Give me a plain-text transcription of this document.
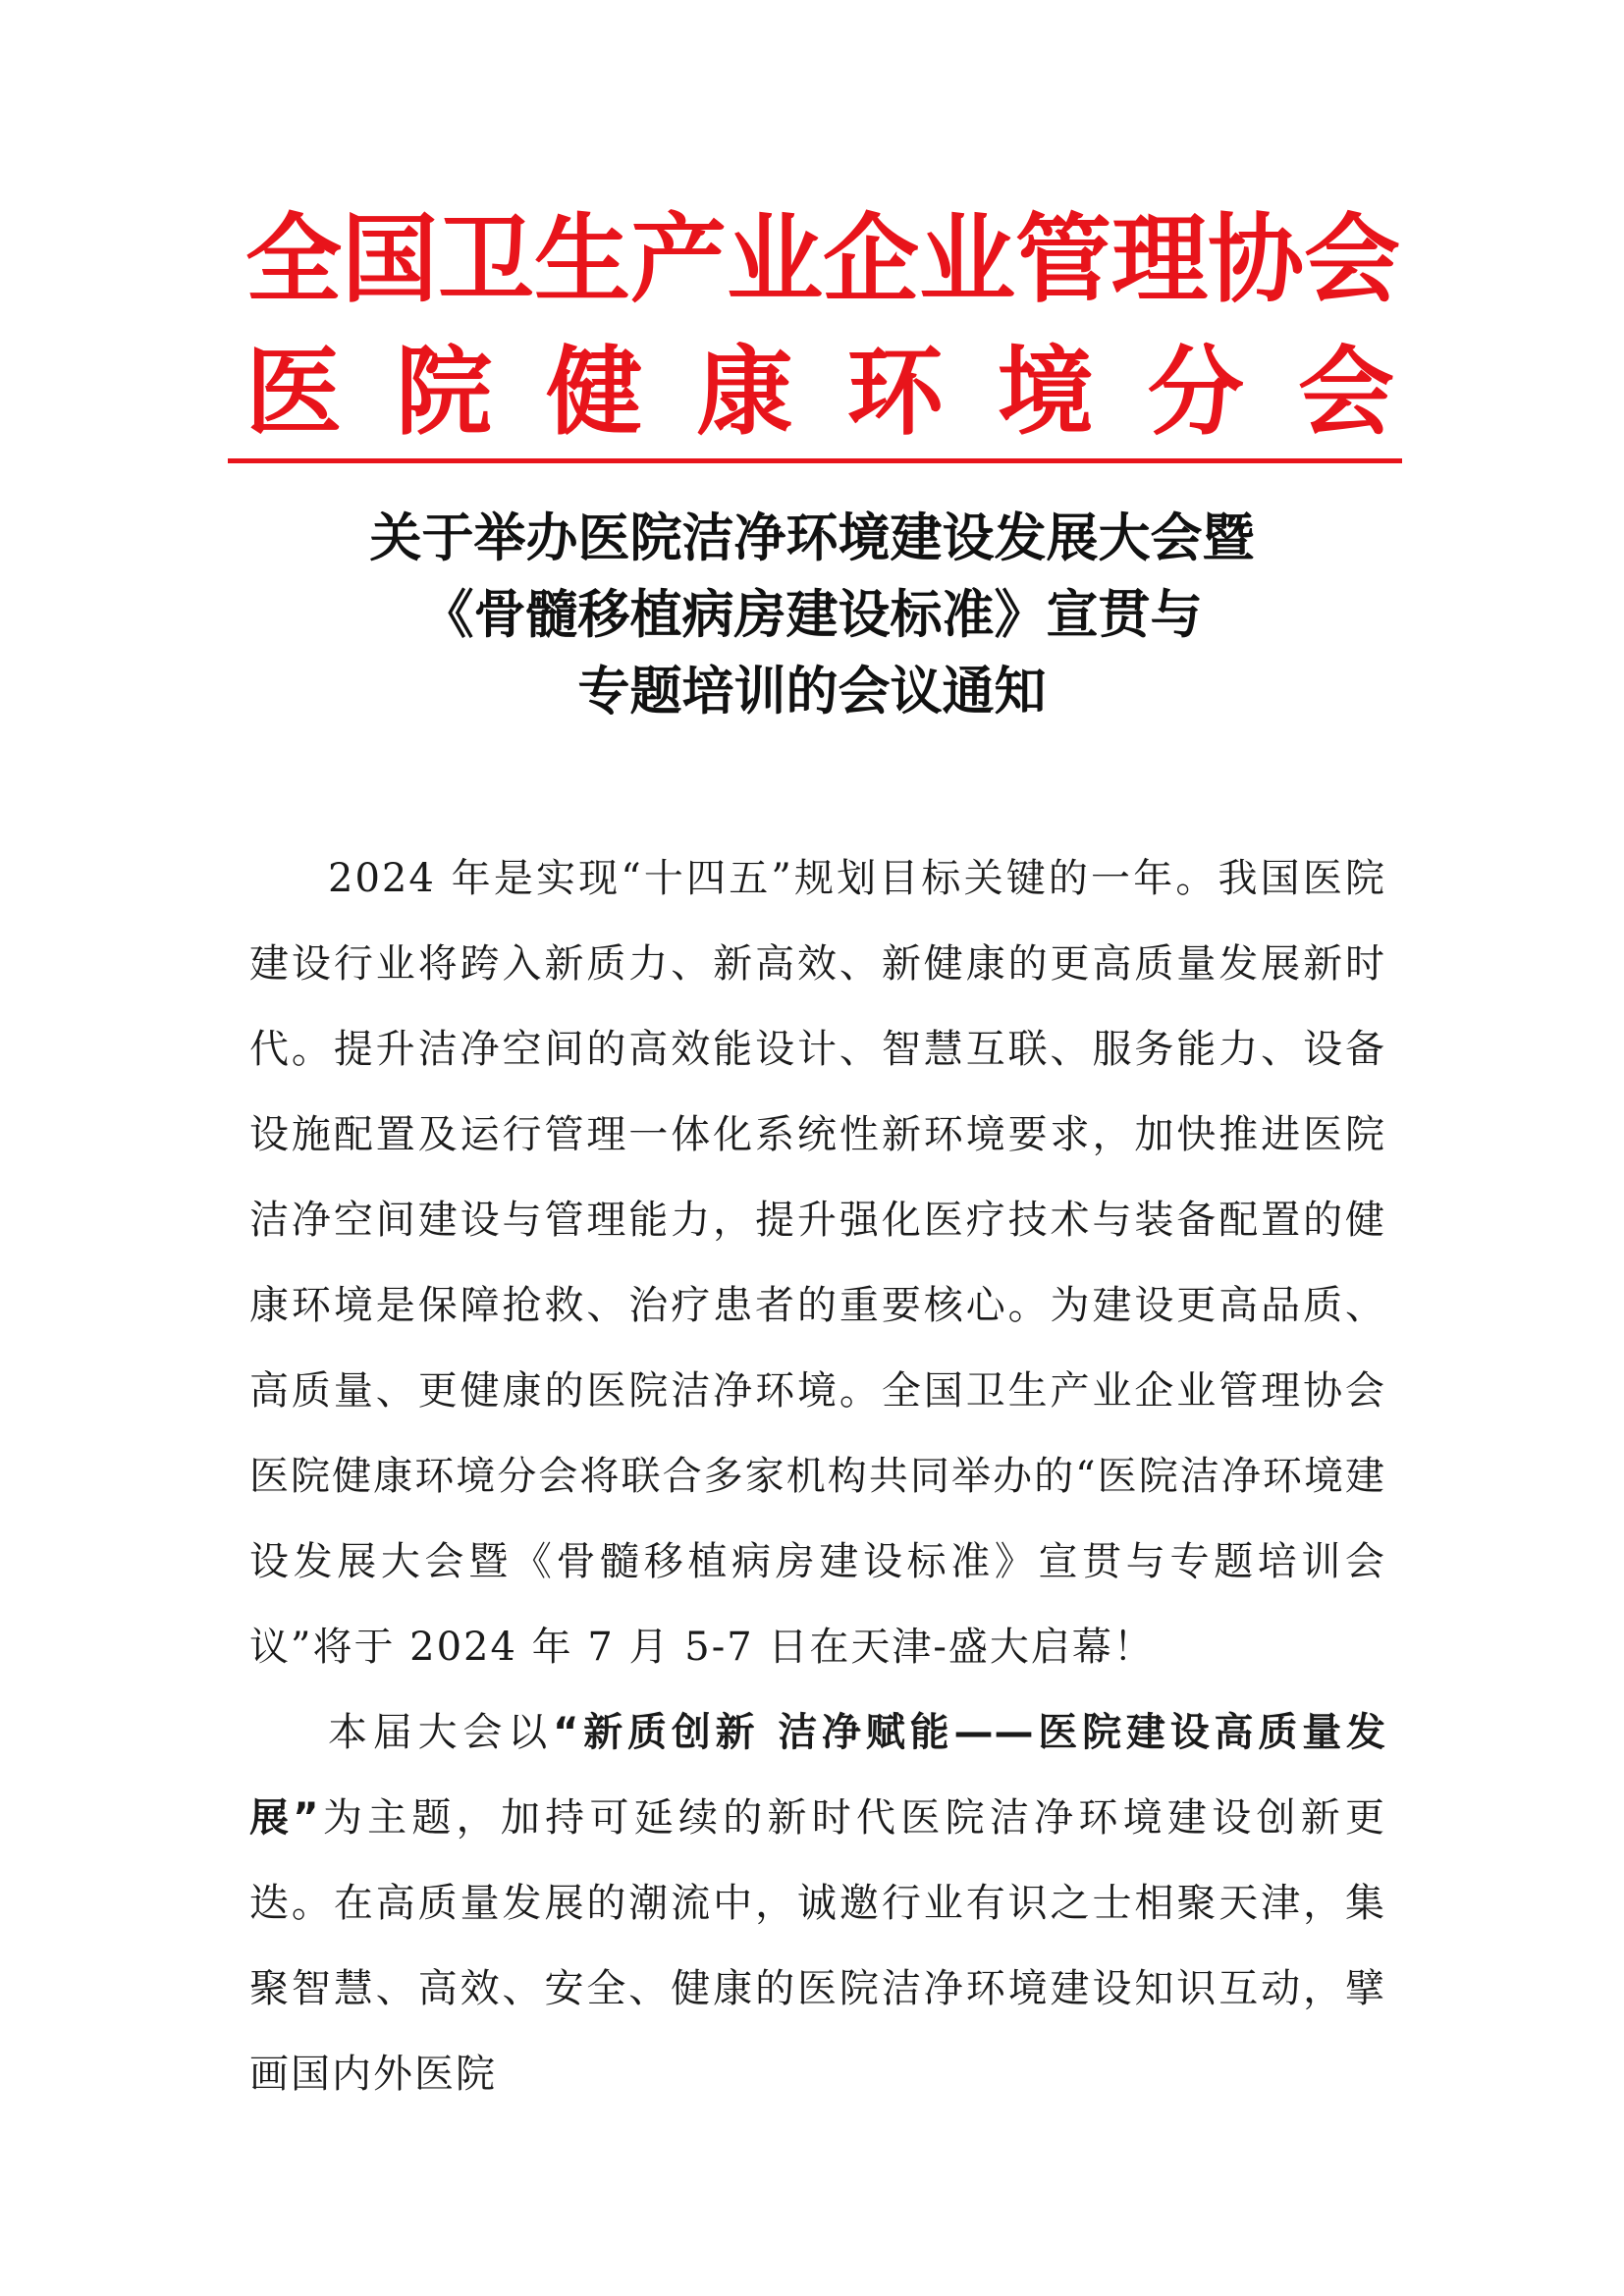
全国卫生产业企业管理协会
医 院 健 康 环 境 分 会
关于举办医院洁净环境建设发展大会暨
《骨髓移植病房建设标准》宣贯与
专题培训的会议通知

2024 年是实现“十四五”规划目标关键的一年。我国医院建设行业将跨入新质力、新高效、新健康的更高质量发展新时代。提升洁净空间的高效能设计、智慧互联、服务能力、设备设施配置及运行管理一体化系统性新环境要求，加快推进医院洁净空间建设与管理能力，提升强化医疗技术与装备配置的健康环境是保障抢救、治疗患者的重要核心。为建设更高品质、高质量、更健康的医院洁净环境。全国卫生产业企业管理协会医院健康环境分会将联合多家机构共同举办的“医院洁净环境建设发展大会暨《骨髓移植病房建设标准》宣贯与专题培训会议”将于 2024 年 7 月 5-7 日在天津-盛大启幕！

本届大会以“新质创新 洁净赋能——医院建设高质量发展”为主题，加持可延续的新时代医院洁净环境建设创新更迭。在高质量发展的潮流中，诚邀行业有识之士相聚天津，集聚智慧、高效、安全、健康的医院洁净环境建设知识互动，擘画国内外医院
